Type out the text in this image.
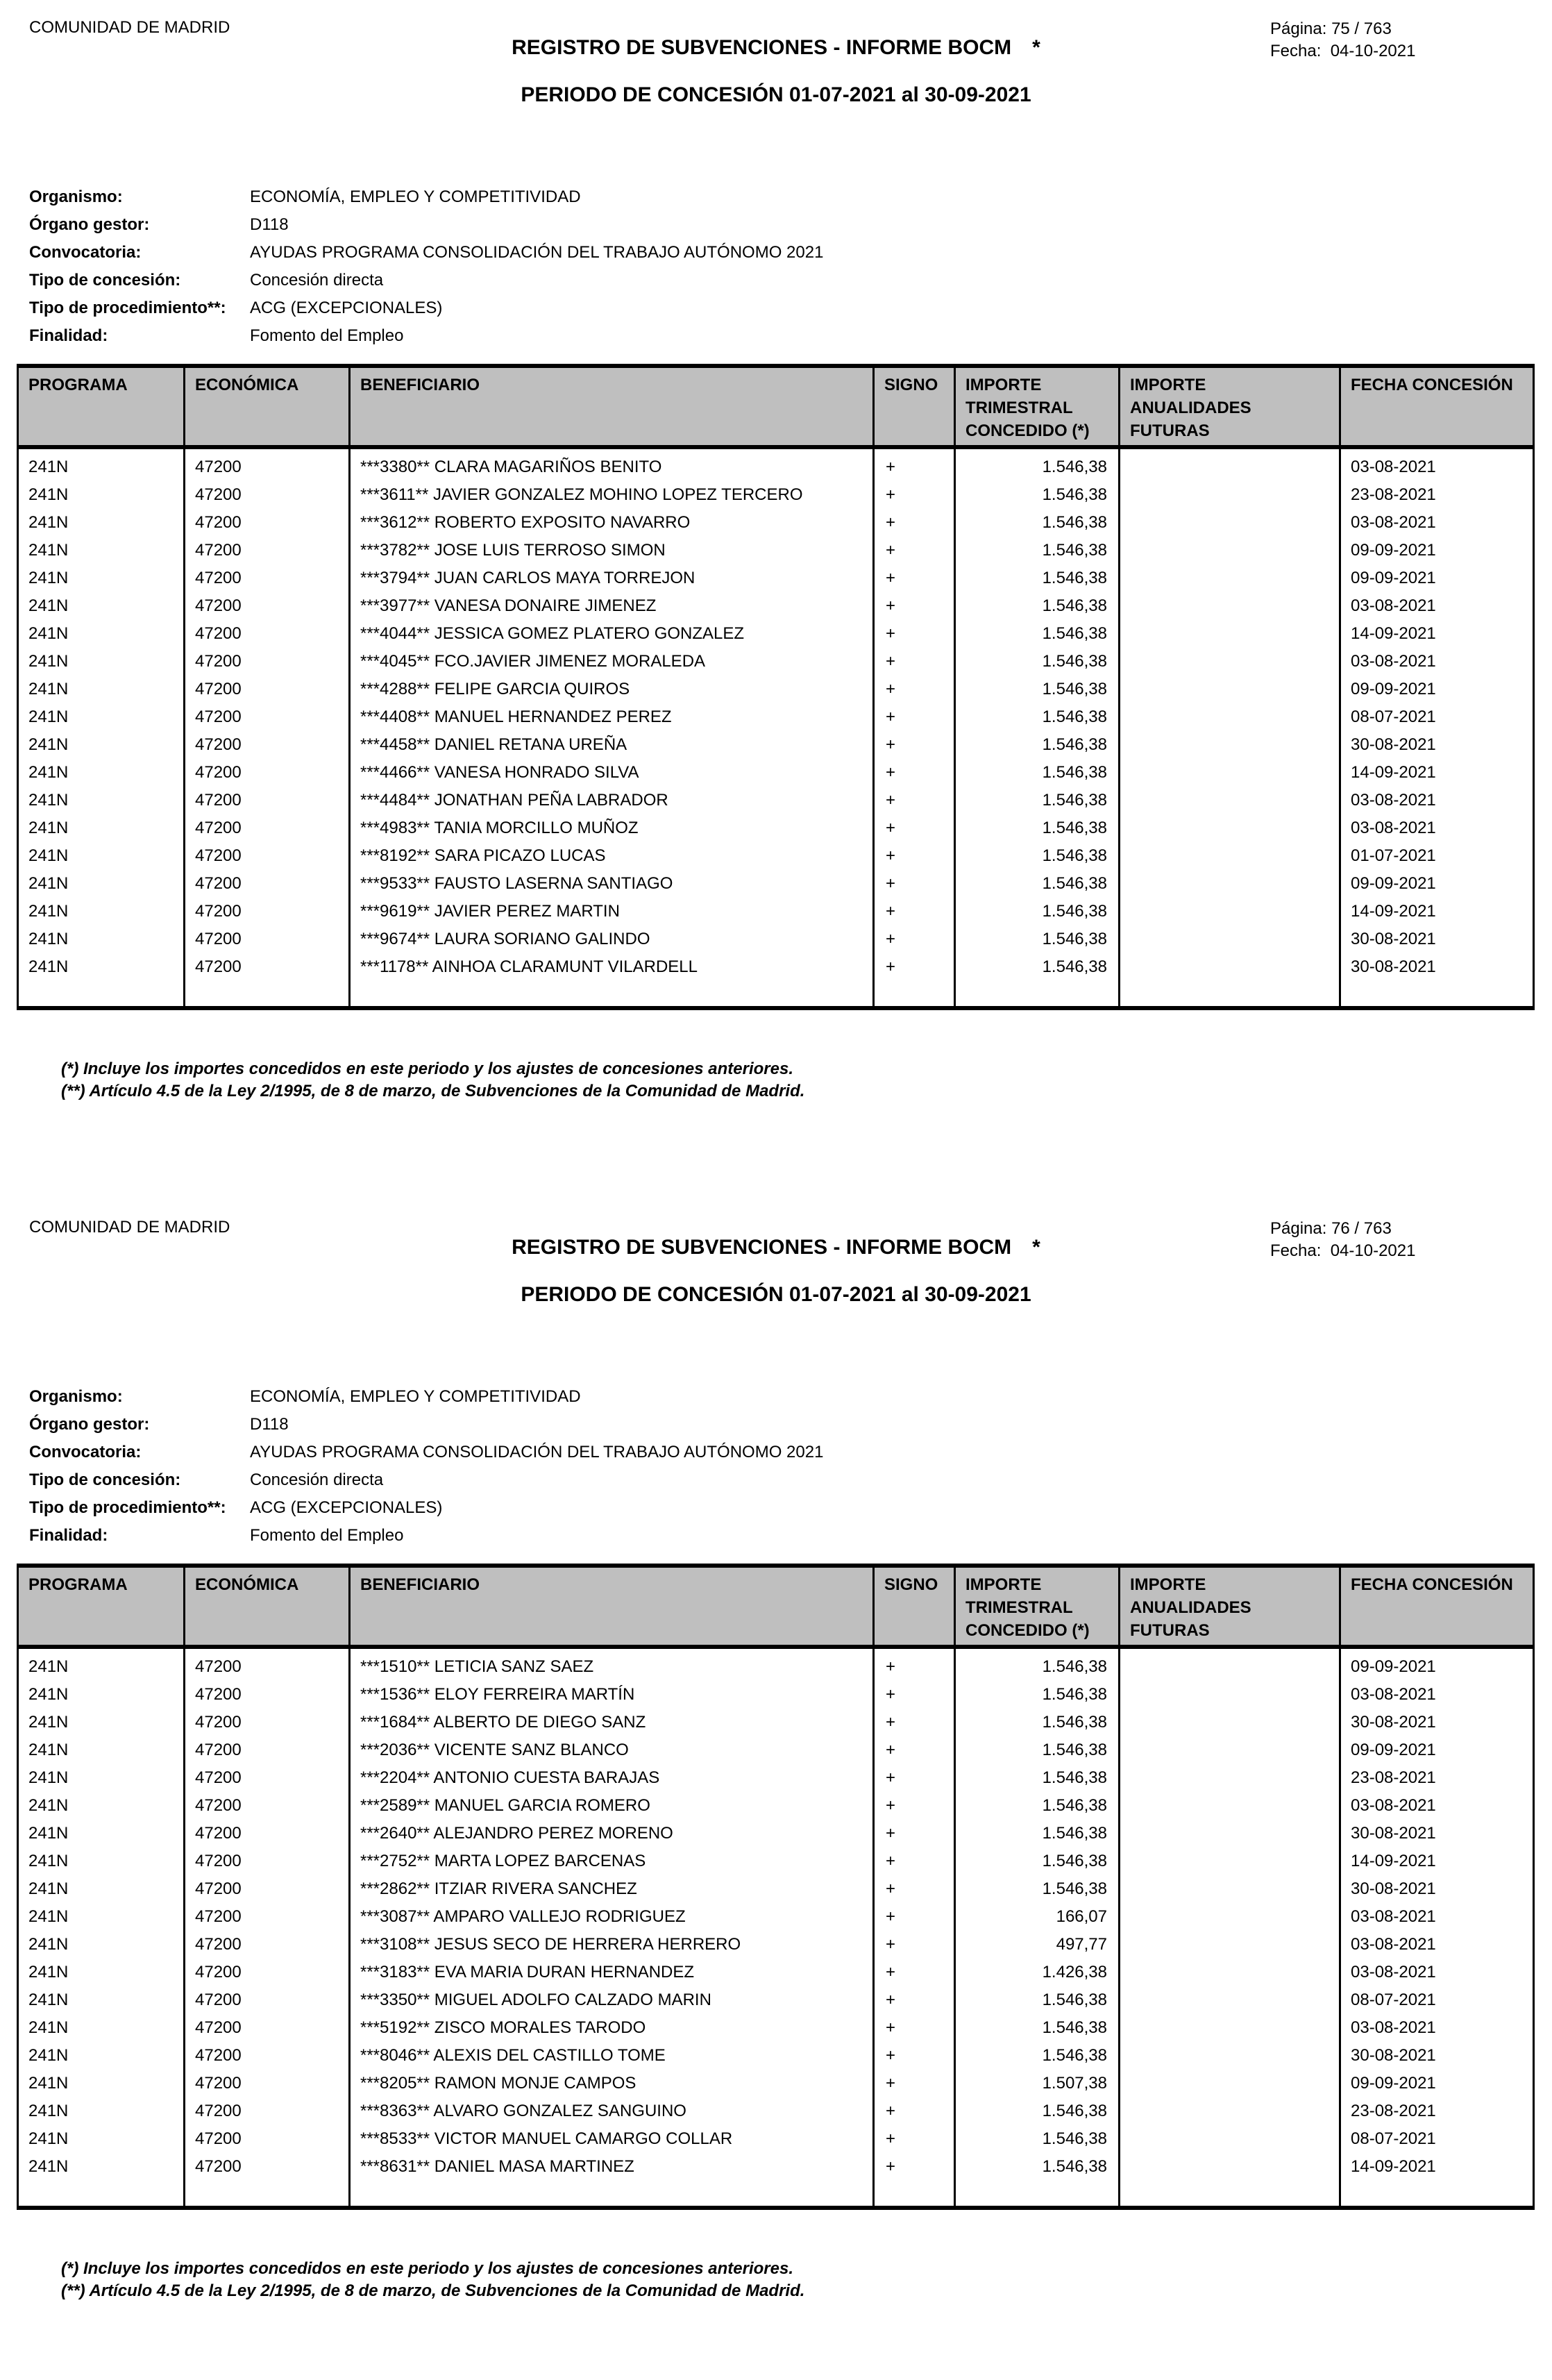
COMUNIDAD DE MADRID
REGISTRO DE SUBVENCIONES - INFORME BOCM *
PERIODO DE CONCESIÓN 01-07-2021 al 30-09-2021
Página: 75 / 763
Fecha:  04-10-2021
Organismo:	ECONOMÍA, EMPLEO Y COMPETITIVIDAD
Órgano gestor:	D118
Convocatoria:	AYUDAS PROGRAMA CONSOLIDACIÓN DEL TRABAJO AUTÓNOMO 2021
Tipo de concesión:	Concesión directa
Tipo de procedimiento**:	ACG (EXCEPCIONALES)
Finalidad:	Fomento del Empleo
PROGRAMA	ECONÓMICA	BENEFICIARIO	SIGNO	IMPORTE TRIMESTRAL CONCEDIDO (*)	IMPORTE ANUALIDADES FUTURAS	FECHA CONCESIÓN
241N	47200	***3380** CLARA MAGARIÑOS BENITO	+	1.546,38		03-08-2021
241N	47200	***3611** JAVIER GONZALEZ MOHINO LOPEZ TERCERO	+	1.546,38		23-08-2021
241N	47200	***3612** ROBERTO EXPOSITO NAVARRO	+	1.546,38		03-08-2021
241N	47200	***3782** JOSE LUIS TERROSO SIMON	+	1.546,38		09-09-2021
241N	47200	***3794** JUAN CARLOS MAYA TORREJON	+	1.546,38		09-09-2021
241N	47200	***3977** VANESA DONAIRE JIMENEZ	+	1.546,38		03-08-2021
241N	47200	***4044** JESSICA GOMEZ PLATERO GONZALEZ	+	1.546,38		14-09-2021
241N	47200	***4045** FCO.JAVIER JIMENEZ MORALEDA	+	1.546,38		03-08-2021
241N	47200	***4288** FELIPE GARCIA QUIROS	+	1.546,38		09-09-2021
241N	47200	***4408** MANUEL HERNANDEZ PEREZ	+	1.546,38		08-07-2021
241N	47200	***4458** DANIEL RETANA UREÑA	+	1.546,38		30-08-2021
241N	47200	***4466** VANESA HONRADO SILVA	+	1.546,38		14-09-2021
241N	47200	***4484** JONATHAN PEÑA LABRADOR	+	1.546,38		03-08-2021
241N	47200	***4983** TANIA MORCILLO MUÑOZ	+	1.546,38		03-08-2021
241N	47200	***8192** SARA PICAZO LUCAS	+	1.546,38		01-07-2021
241N	47200	***9533** FAUSTO LASERNA SANTIAGO	+	1.546,38		09-09-2021
241N	47200	***9619** JAVIER PEREZ MARTIN	+	1.546,38		14-09-2021
241N	47200	***9674** LAURA SORIANO GALINDO	+	1.546,38		30-08-2021
241N	47200	***1178** AINHOA CLARAMUNT VILARDELL	+	1.546,38		30-08-2021

(*) Incluye los importes concedidos en este periodo y los ajustes de concesiones anteriores.
(**) Artículo 4.5 de la Ley 2/1995, de 8 de marzo, de Subvenciones de la Comunidad de Madrid.
COMUNIDAD DE MADRID
REGISTRO DE SUBVENCIONES - INFORME BOCM *
PERIODO DE CONCESIÓN 01-07-2021 al 30-09-2021
Página: 76 / 763
Fecha:  04-10-2021
Organismo:	ECONOMÍA, EMPLEO Y COMPETITIVIDAD
Órgano gestor:	D118
Convocatoria:	AYUDAS PROGRAMA CONSOLIDACIÓN DEL TRABAJO AUTÓNOMO 2021
Tipo de concesión:	Concesión directa
Tipo de procedimiento**:	ACG (EXCEPCIONALES)
Finalidad:	Fomento del Empleo
PROGRAMA	ECONÓMICA	BENEFICIARIO	SIGNO	IMPORTE TRIMESTRAL CONCEDIDO (*)	IMPORTE ANUALIDADES FUTURAS	FECHA CONCESIÓN
241N	47200	***1510** LETICIA SANZ SAEZ	+	1.546,38		09-09-2021
241N	47200	***1536** ELOY FERREIRA MARTÍN	+	1.546,38		03-08-2021
241N	47200	***1684** ALBERTO DE DIEGO SANZ	+	1.546,38		30-08-2021
241N	47200	***2036** VICENTE SANZ BLANCO	+	1.546,38		09-09-2021
241N	47200	***2204** ANTONIO CUESTA BARAJAS	+	1.546,38		23-08-2021
241N	47200	***2589** MANUEL GARCIA ROMERO	+	1.546,38		03-08-2021
241N	47200	***2640** ALEJANDRO PEREZ MORENO	+	1.546,38		30-08-2021
241N	47200	***2752** MARTA LOPEZ BARCENAS	+	1.546,38		14-09-2021
241N	47200	***2862** ITZIAR RIVERA SANCHEZ	+	1.546,38		30-08-2021
241N	47200	***3087** AMPARO VALLEJO RODRIGUEZ	+	166,07		03-08-2021
241N	47200	***3108** JESUS SECO DE HERRERA HERRERO	+	497,77		03-08-2021
241N	47200	***3183** EVA MARIA DURAN HERNANDEZ	+	1.426,38		03-08-2021
241N	47200	***3350** MIGUEL ADOLFO CALZADO MARIN	+	1.546,38		08-07-2021
241N	47200	***5192** ZISCO MORALES TARODO	+	1.546,38		03-08-2021
241N	47200	***8046** ALEXIS DEL CASTILLO TOME	+	1.546,38		30-08-2021
241N	47200	***8205** RAMON MONJE CAMPOS	+	1.507,38		09-09-2021
241N	47200	***8363** ALVARO GONZALEZ SANGUINO	+	1.546,38		23-08-2021
241N	47200	***8533** VICTOR MANUEL CAMARGO COLLAR	+	1.546,38		08-07-2021
241N	47200	***8631** DANIEL MASA MARTINEZ	+	1.546,38		14-09-2021

(*) Incluye los importes concedidos en este periodo y los ajustes de concesiones anteriores.
(**) Artículo 4.5 de la Ley 2/1995, de 8 de marzo, de Subvenciones de la Comunidad de Madrid.
